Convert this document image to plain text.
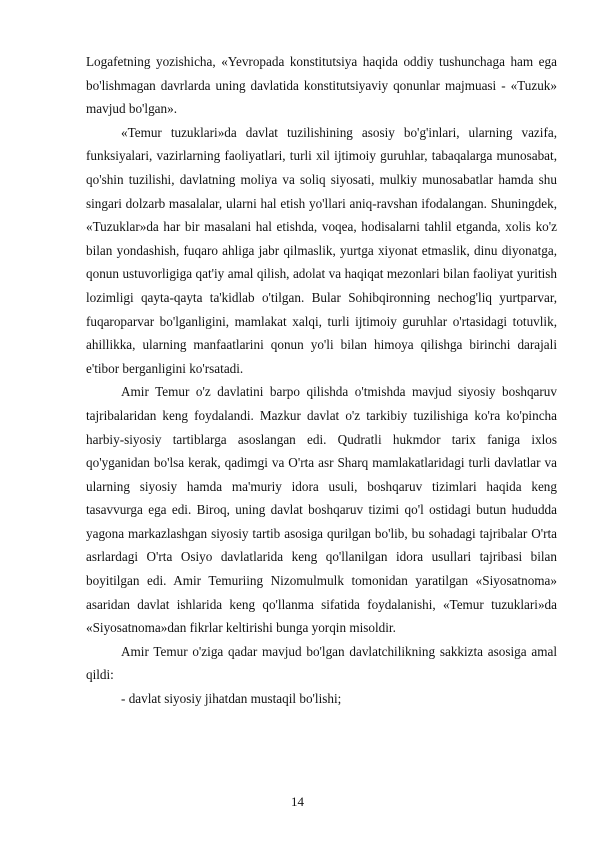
Logafetning yozishicha, «Yevropada konstitutsiya haqida oddiy tushunchaga ham ega bo'lishmagan davrlarda uning davlatida konstitutsiyaviy qonunlar majmuasi - «Tuzuk» mavjud bo'lgan».

«Temur tuzuklari»da davlat tuzilishining asosiy bo'g'inlari, ularning vazifa, funksiyalari, vazirlarning faoliyatlari, turli xil ijtimoiy guruhlar, tabaqalarga munosabat, qo'shin tuzilishi, davlatning moliya va soliq siyosati, mulkiy munosabatlar hamda shu singari dolzarb masalalar, ularni hal etish yo'llari aniq-ravshan ifodalangan. Shuningdek, «Tuzuklar»da har bir masalani hal etishda, voqea, hodisalarni tahlil etganda, xolis ko'z bilan yondashish, fuqaro ahliga jabr qilmaslik, yurtga xiyonat etmaslik, dinu diyonatga, qonun ustuvorligiga qat'iy amal qilish, adolat va haqiqat mezonlari bilan faoliyat yuritish lozimligi qayta-qayta ta'kidlab o'tilgan. Bular Sohibqironning nechog'liq yurtparvar, fuqaroparvar bo'lganligini, mamlakat xalqi, turli ijtimoiy guruhlar o'rtasidagi totuvlik, ahillikka, ularning manfaatlarini qonun yo'li bilan himoya qilishga birinchi darajali e'tibor berganligini ko'rsatadi.

Amir Temur o'z davlatini barpo qilishda o'tmishda mavjud siyosiy boshqaruv tajribalaridan keng foydalandi. Mazkur davlat o'z tarkibiy tuzilishiga ko'ra ko'pincha harbiy-siyosiy tartiblarga asoslangan edi. Qudratli hukmdor tarix faniga ixlos qo'yganidan bo'lsa kerak, qadimgi va O'rta asr Sharq mamlakatlaridagi turli davlatlar va ularning siyosiy hamda ma'muriy idora usuli, boshqaruv tizimlari haqida keng tasavvurga ega edi. Biroq, uning davlat boshqaruv tizimi qo'l ostidagi butun hududda yagona markazlashgan siyosiy tartib asosiga qurilgan bo'lib, bu sohadagi tajribalar O'rta asrlardagi O'rta Osiyo davlatlarida keng qo'llanilgan idora usullari tajribasi bilan boyitilgan edi. Amir Temuriing Nizomulmulk tomonidan yaratilgan «Siyosatnoma» asaridan davlat ishlarida keng qo'llanma sifatida foydalanishi, «Temur tuzuklari»da «Siyosatnoma»dan fikrlar keltirishi bunga yorqin misoldir.

Amir Temur o'ziga qadar mavjud bo'lgan davlatchilikning sakkizta asosiga amal qildi:

- davlat siyosiy jihatdan mustaqil bo'lishi;

14
